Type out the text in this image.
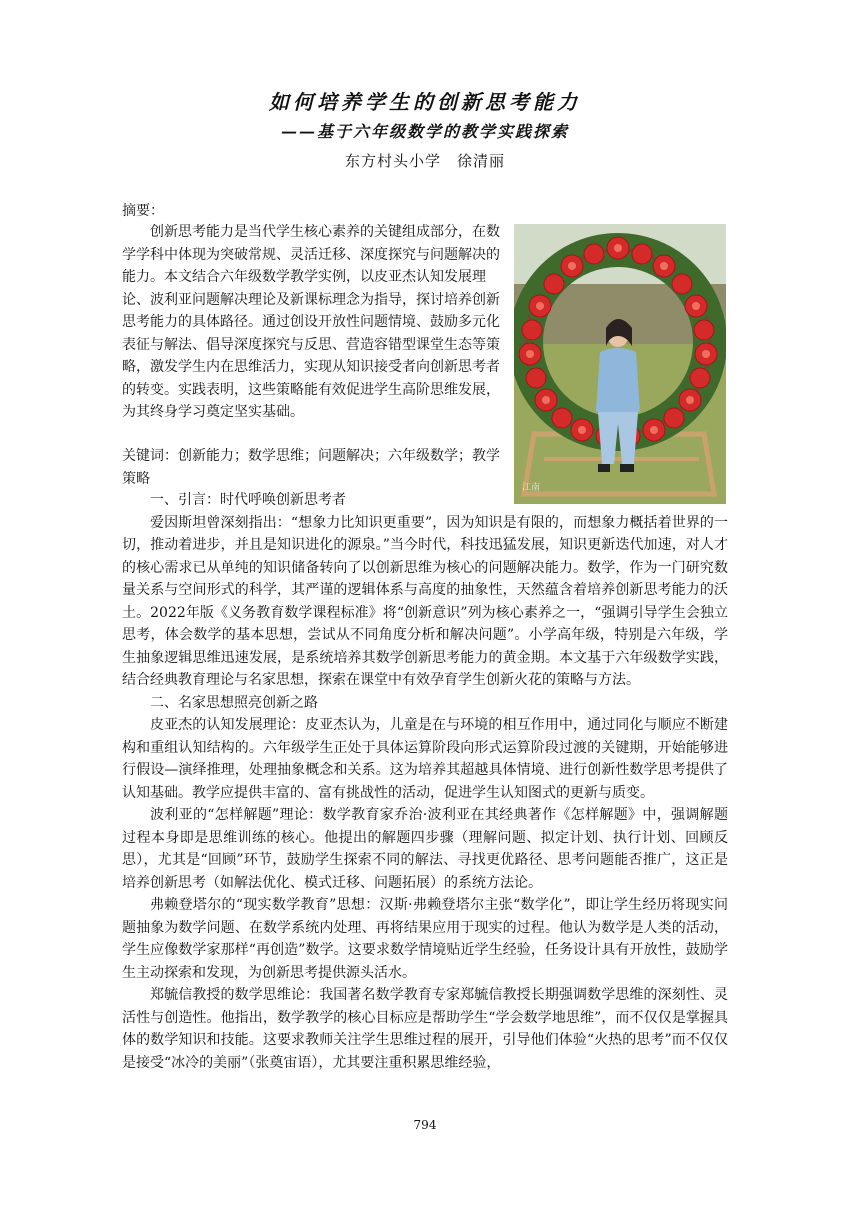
如何培养学生的创新思考能力
——基于六年级数学的教学实践探索
东方村头小学　徐清丽
摘要：

创新思考能力是当代学生核心素养的关键组成部分，在数学学科中体现为突破常规、灵活迁移、深度探究与问题解决的能力。本文结合六年级数学教学实例，以皮亚杰认知发展理论、波利亚问题解决理论及新课标理念为指导，探讨培养创新思考能力的具体路径。通过创设开放性问题情境、鼓励多元化表征与解法、倡导深度探究与反思、营造容错型课堂生态等策略，激发学生内在思维活力，实现从知识接受者向创新思考者的转变。实践表明，这些策略能有效促进学生高阶思维发展，为其终身学习奠定坚实基础。

关键词：创新能力；数学思维；问题解决；六年级数学；教学策略
江南

一、引言：时代呼唤创新思考者

爱因斯坦曾深刻指出：“想象力比知识更重要”，因为知识是有限的，而想象力概括着世界的一切，推动着进步，并且是知识进化的源泉。”当今时代，科技迅猛发展，知识更新迭代加速，对人才的核心需求已从单纯的知识储备转向了以创新思维为核心的问题解决能力。数学，作为一门研究数量关系与空间形式的科学，其严谨的逻辑体系与高度的抽象性，天然蕴含着培养创新思考能力的沃土。2022年版《义务教育数学课程标准》将“创新意识”列为核心素养之一，“强调引导学生会独立思考，体会数学的基本思想，尝试从不同角度分析和解决问题”。小学高年级，特别是六年级，学生抽象逻辑思维迅速发展，是系统培养其数学创新思考能力的黄金期。本文基于六年级数学实践，结合经典教育理论与名家思想，探索在课堂中有效孕育学生创新火花的策略与方法。

二、名家思想照亮创新之路

皮亚杰的认知发展理论：皮亚杰认为，儿童是在与环境的相互作用中，通过同化与顺应不断建构和重组认知结构的。六年级学生正处于具体运算阶段向形式运算阶段过渡的关键期，开始能够进行假设—演绎推理，处理抽象概念和关系。这为培养其超越具体情境、进行创新性数学思考提供了认知基础。教学应提供丰富的、富有挑战性的活动，促进学生认知图式的更新与质变。

波利亚的“怎样解题”理论：数学教育家乔治·波利亚在其经典著作《怎样解题》中，强调解题过程本身即是思维训练的核心。他提出的解题四步骤（理解问题、拟定计划、执行计划、回顾反思），尤其是“回顾”环节，鼓励学生探索不同的解法、寻找更优路径、思考问题能否推广，这正是培养创新思考（如解法优化、模式迁移、问题拓展）的系统方法论。

弗赖登塔尔的“现实数学教育”思想：汉斯·弗赖登塔尔主张“数学化”，即让学生经历将现实问题抽象为数学问题、在数学系统内处理、再将结果应用于现实的过程。他认为数学是人类的活动，学生应像数学家那样“再创造”数学。这要求数学情境贴近学生经验，任务设计具有开放性，鼓励学生主动探索和发现，为创新思考提供源头活水。

郑毓信教授的数学思维论：我国著名数学教育专家郑毓信教授长期强调数学思维的深刻性、灵活性与创造性。他指出，数学教学的核心目标应是帮助学生“学会数学地思维”，而不仅仅是掌握具体的数学知识和技能。这要求教师关注学生思维过程的展开，引导他们体验“火热的思考”而不仅仅是接受“冰冷的美丽”（张奠宙语），尤其要注重积累思维经验，

794
